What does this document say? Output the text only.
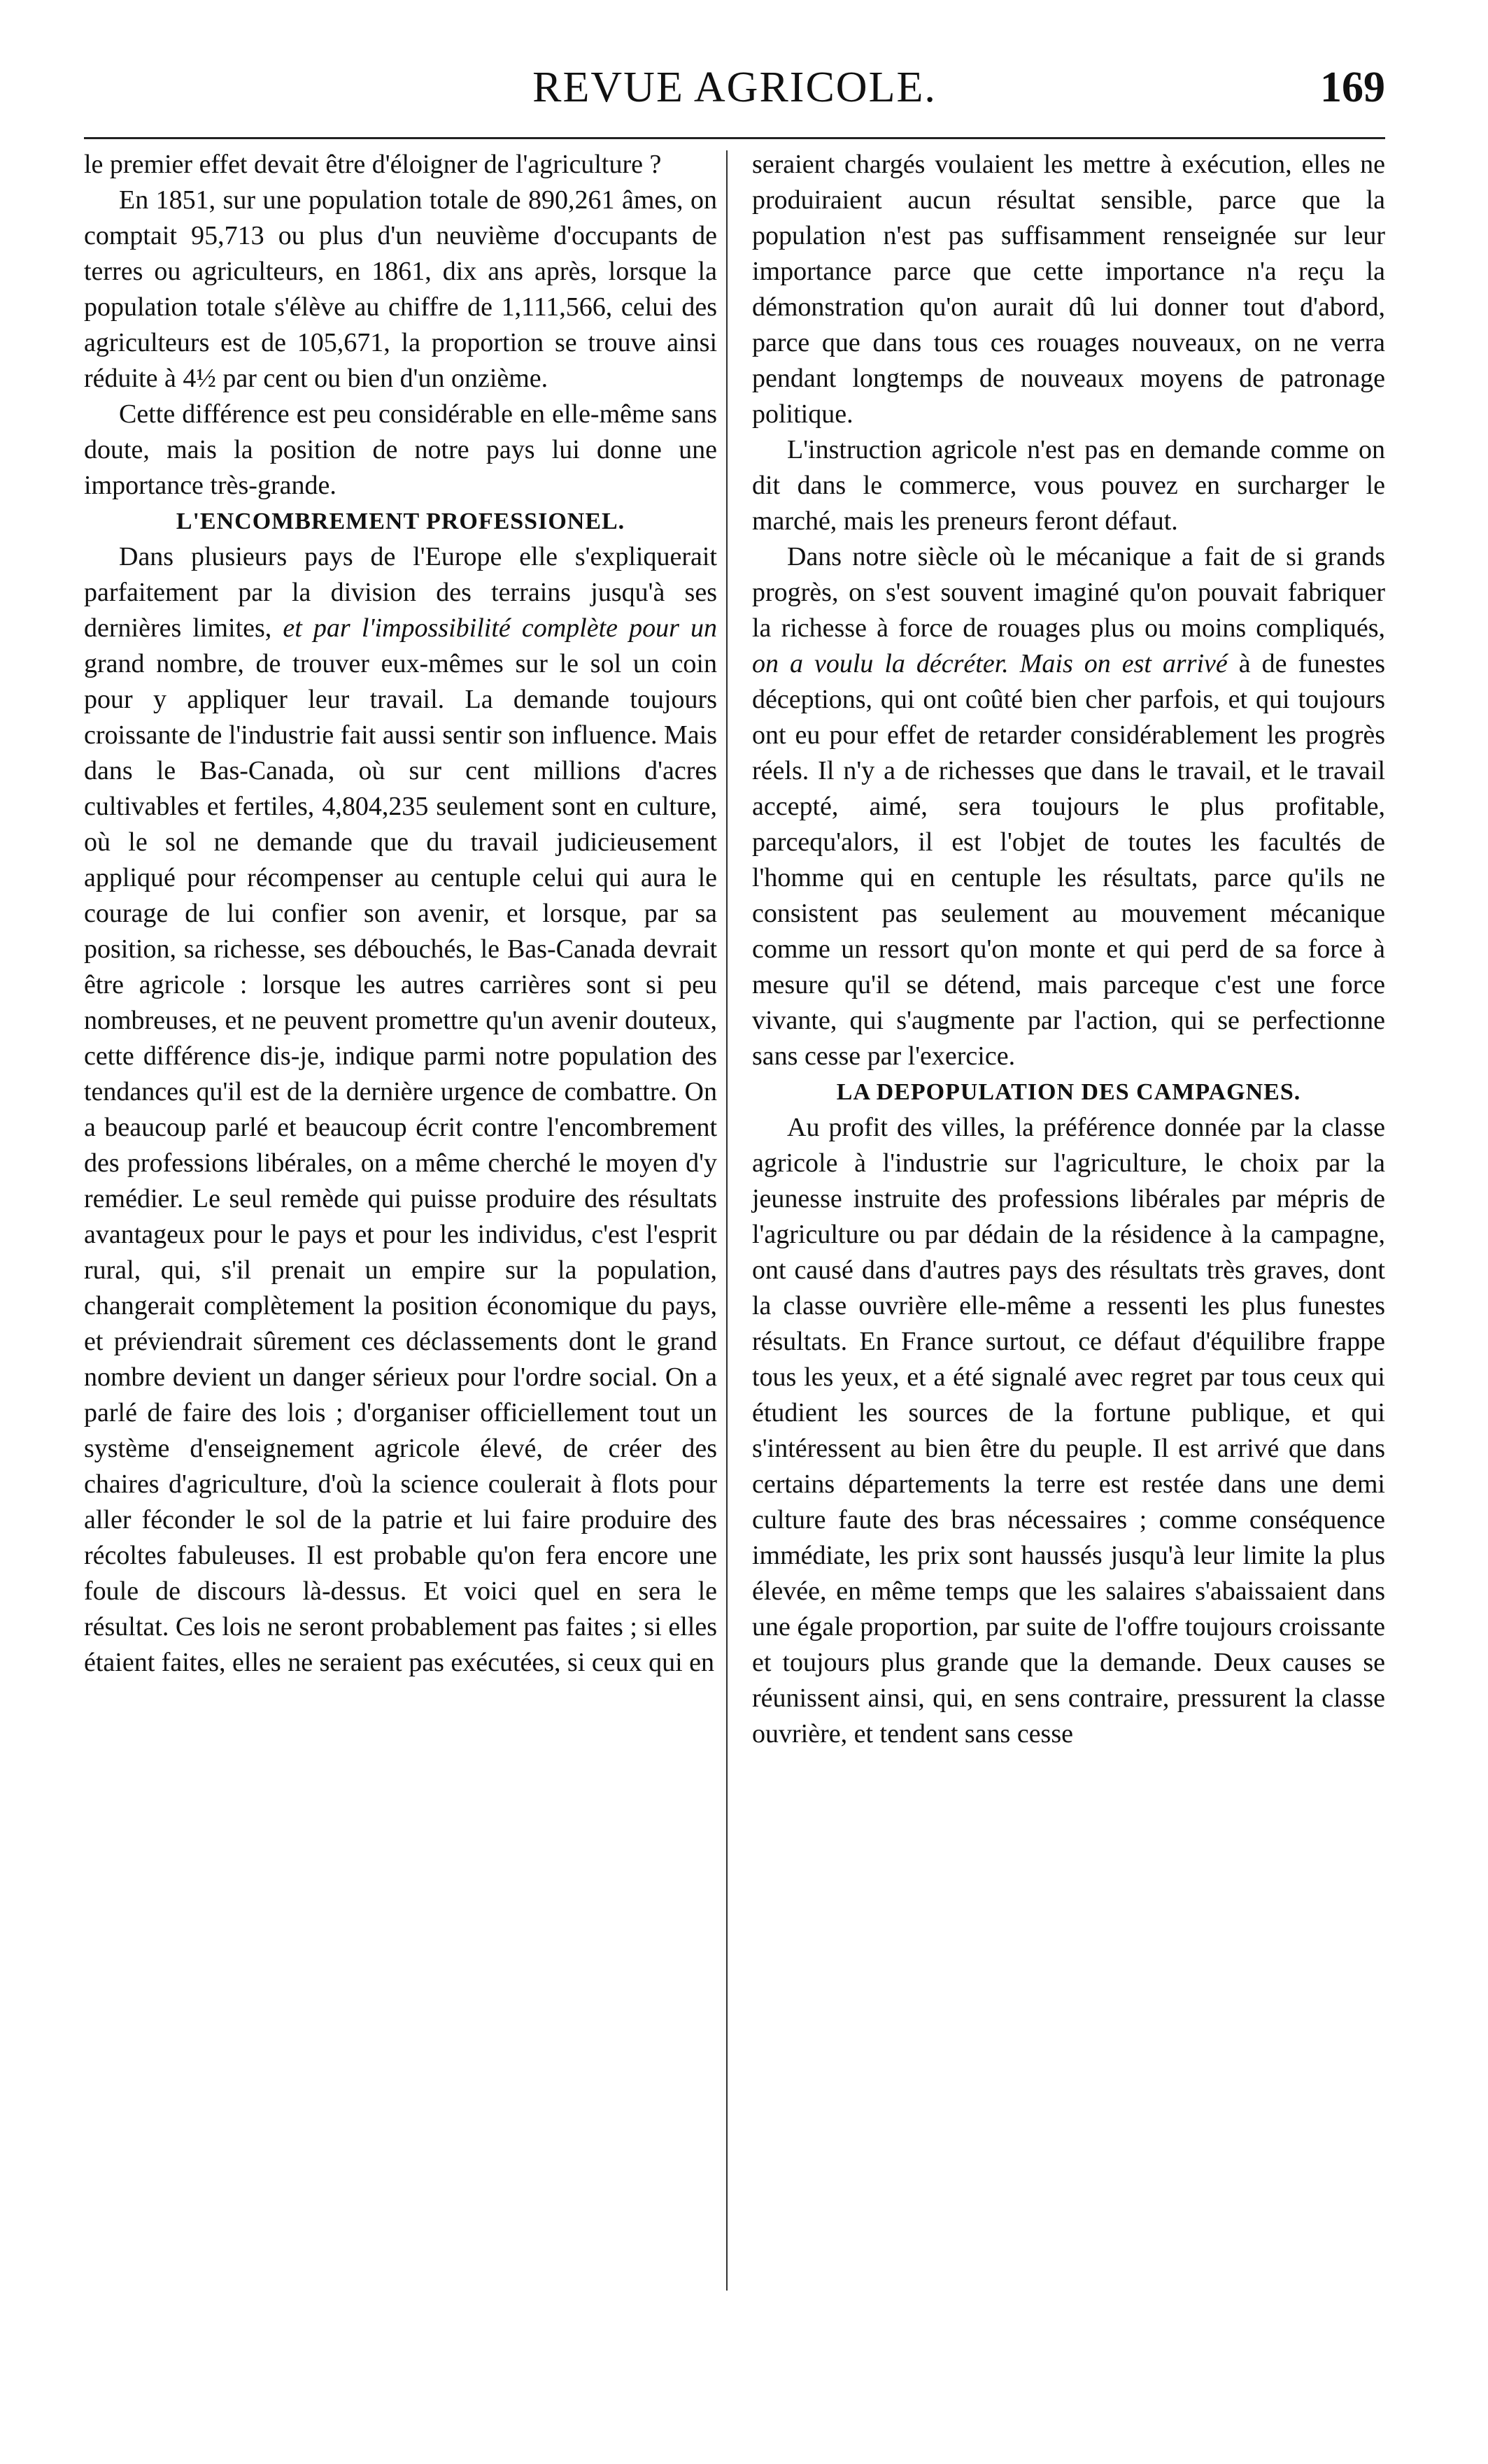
REVUE AGRICOLE.	169

le premier effet devait être d'éloigner de l'agriculture ?

En 1851, sur une population totale de 890,261 âmes, on comptait 95,713 ou plus d'un neuvième d'occupants de terres ou agriculteurs, en 1861, dix ans après, lorsque la population totale s'élève au chiffre de 1,111,566, celui des agriculteurs est de 105,671, la proportion se trouve ainsi réduite à 4½ par cent ou bien d'un onzième.

Cette différence est peu considérable en elle-même sans doute, mais la position de notre pays lui donne une importance très-grande.

L'ENCOMBREMENT PROFESSIONEL.

Dans plusieurs pays de l'Europe elle s'expliquerait parfaitement par la division des terrains jusqu'à ses dernières limites, et par l'impossibilité complète pour un grand nombre, de trouver eux-mêmes sur le sol un coin pour y appliquer leur travail. La demande toujours croissante de l'industrie fait aussi sentir son influence. Mais dans le Bas-Canada, où sur cent millions d'acres cultivables et fertiles, 4,804,235 seulement sont en culture, où le sol ne demande que du travail judicieusement appliqué pour récompenser au centuple celui qui aura le courage de lui confier son avenir, et lorsque, par sa position, sa richesse, ses débouchés, le Bas-Canada devrait être agricole : lorsque les autres carrières sont si peu nombreuses, et ne peuvent promettre qu'un avenir douteux, cette différence dis-je, indique parmi notre population des tendances qu'il est de la dernière urgence de combattre. On a beaucoup parlé et beaucoup écrit contre l'encombrement des professions libérales, on a même cherché le moyen d'y remédier. Le seul remède qui puisse produire des résultats avantageux pour le pays et pour les individus, c'est l'esprit rural, qui, s'il prenait un empire sur la population, changerait complètement la position économique du pays, et préviendrait sûrement ces déclassements dont le grand nombre devient un danger sérieux pour l'ordre social. On a parlé de faire des lois ; d'organiser officiellement tout un système d'enseignement agricole élevé, de créer des chaires d'agriculture, d'où la science coulerait à flots pour aller féconder le sol de la patrie et lui faire produire des récoltes fabuleuses. Il est probable qu'on fera encore une foule de discours là-dessus. Et voici quel en sera le résultat. Ces lois ne seront probablement pas faites ; si elles étaient faites, elles ne seraient pas exécutées, si ceux qui en

seraient chargés voulaient les mettre à exécution, elles ne produiraient aucun résultat sensible, parce que la population n'est pas suffisamment renseignée sur leur importance parce que cette importance n'a reçu la démonstration qu'on aurait dû lui donner tout d'abord, parce que dans tous ces rouages nouveaux, on ne verra pendant longtemps de nouveaux moyens de patronage politique.

L'instruction agricole n'est pas en demande comme on dit dans le commerce, vous pouvez en surcharger le marché, mais les preneurs feront défaut.

Dans notre siècle où le mécanique a fait de si grands progrès, on s'est souvent imaginé qu'on pouvait fabriquer la richesse à force de rouages plus ou moins compliqués, on a voulu la décréter. Mais on est arrivé à de funestes déceptions, qui ont coûté bien cher parfois, et qui toujours ont eu pour effet de retarder considérablement les progrès réels. Il n'y a de richesses que dans le travail, et le travail accepté, aimé, sera toujours le plus profitable, parcequ'alors, il est l'objet de toutes les facultés de l'homme qui en centuple les résultats, parce qu'ils ne consistent pas seulement au mouvement mécanique comme un ressort qu'on monte et qui perd de sa force à mesure qu'il se détend, mais parceque c'est une force vivante, qui s'augmente par l'action, qui se perfectionne sans cesse par l'exercice.

LA DEPOPULATION DES CAMPAGNES.

Au profit des villes, la préférence donnée par la classe agricole à l'industrie sur l'agriculture, le choix par la jeunesse instruite des professions libérales par mépris de l'agriculture ou par dédain de la résidence à la campagne, ont causé dans d'autres pays des résultats très graves, dont la classe ouvrière elle-même a ressenti les plus funestes résultats. En France surtout, ce défaut d'équilibre frappe tous les yeux, et a été signalé avec regret par tous ceux qui étudient les sources de la fortune publique, et qui s'intéressent au bien être du peuple. Il est arrivé que dans certains départements la terre est restée dans une demi culture faute des bras nécessaires ; comme conséquence immédiate, les prix sont haussés jusqu'à leur limite la plus élevée, en même temps que les salaires s'abaissaient dans une égale proportion, par suite de l'offre toujours croissante et toujours plus grande que la demande. Deux causes se réunissent ainsi, qui, en sens contraire, pressurent la classe ouvrière, et tendent sans cesse
